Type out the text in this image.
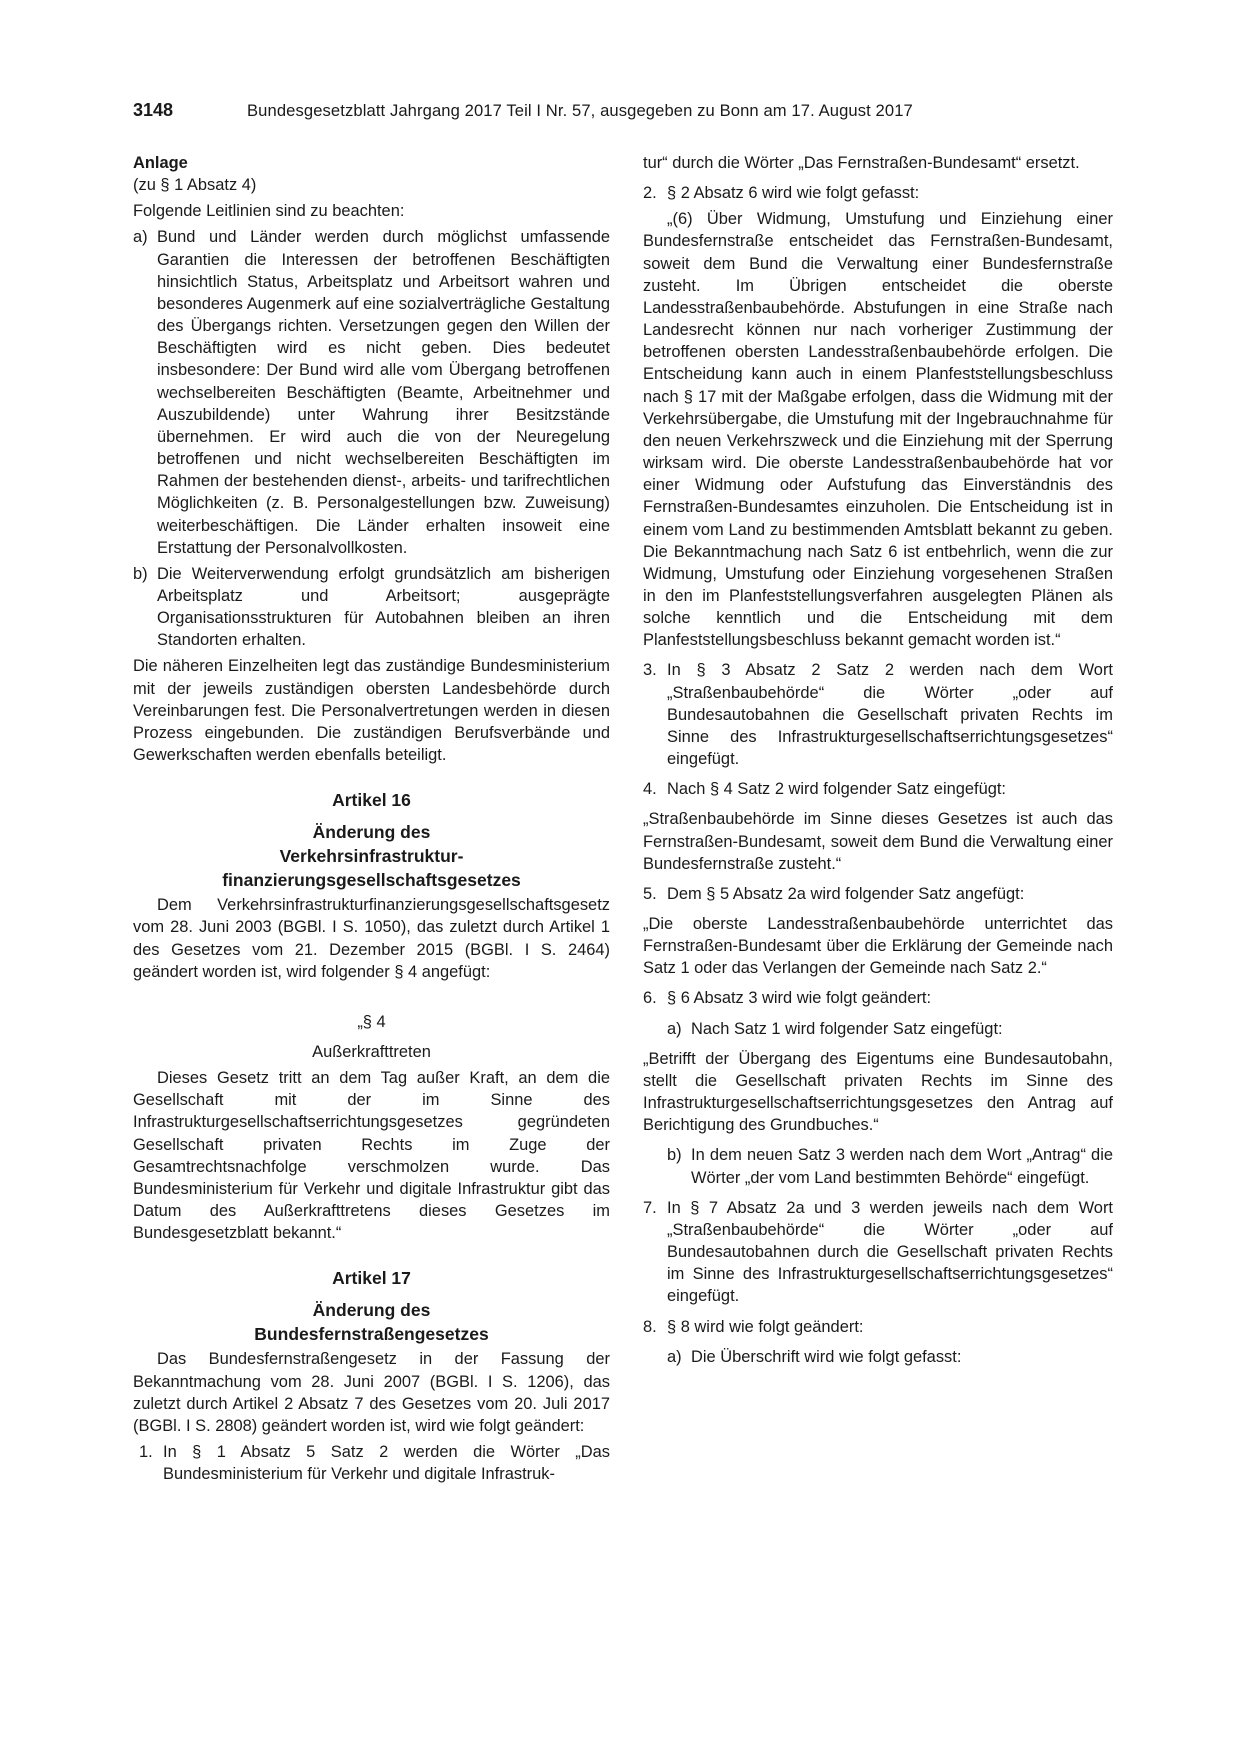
3148	Bundesgesetzblatt Jahrgang 2017 Teil I Nr. 57, ausgegeben zu Bonn am 17. August 2017

Anlage

(zu § 1 Absatz 4)

Folgende Leitlinien sind zu beachten:

a) Bund und Länder werden durch möglichst umfassende Garantien die Interessen der betroffenen Beschäftigten hinsichtlich Status, Arbeitsplatz und Arbeitsort wahren und besonderes Augenmerk auf eine sozialverträgliche Gestaltung des Übergangs richten. Versetzungen gegen den Willen der Beschäftigten wird es nicht geben. Dies bedeutet insbesondere: Der Bund wird alle vom Übergang betroffenen wechselbereiten Beschäftigten (Beamte, Arbeitnehmer und Auszubildende) unter Wahrung ihrer Besitzstände übernehmen. Er wird auch die von der Neuregelung betroffenen und nicht wechselbereiten Beschäftigten im Rahmen der bestehenden dienst-, arbeits- und tarifrechtlichen Möglichkeiten (z. B. Personalgestellungen bzw. Zuweisung) weiterbeschäftigen. Die Länder erhalten insoweit eine Erstattung der Personalvollkosten.
b) Die Weiterverwendung erfolgt grundsätzlich am bisherigen Arbeitsplatz und Arbeitsort; ausgeprägte Organisationsstrukturen für Autobahnen bleiben an ihren Standorten erhalten.

Die näheren Einzelheiten legt das zuständige Bundesministerium mit der jeweils zuständigen obersten Landesbehörde durch Vereinbarungen fest. Die Personalvertretungen werden in diesen Prozess eingebunden. Die zuständigen Berufsverbände und Gewerkschaften werden ebenfalls beteiligt.

Artikel 16

Änderung des

Verkehrsinfrastruktur-

finanzierungsgesellschaftsgesetzes

Dem Verkehrsinfrastrukturfinanzierungsgesellschaftsgesetz vom 28. Juni 2003 (BGBl. I S. 1050), das zuletzt durch Artikel 1 des Gesetzes vom 21. Dezember 2015 (BGBl. I S. 2464) geändert worden ist, wird folgender § 4 angefügt:

„§ 4

Außerkrafttreten

Dieses Gesetz tritt an dem Tag außer Kraft, an dem die Gesellschaft mit der im Sinne des Infrastrukturgesellschaftserrichtungsgesetzes gegründeten Gesellschaft privaten Rechts im Zuge der Gesamtrechtsnachfolge verschmolzen wurde. Das Bundesministerium für Verkehr und digitale Infrastruktur gibt das Datum des Außerkrafttretens dieses Gesetzes im Bundesgesetzblatt bekannt.“

Artikel 17

Änderung des

Bundesfernstraßengesetzes

Das Bundesfernstraßengesetz in der Fassung der Bekanntmachung vom 28. Juni 2007 (BGBl. I S. 1206), das zuletzt durch Artikel 2 Absatz 7 des Gesetzes vom 20. Juli 2017 (BGBl. I S. 2808) geändert worden ist, wird wie folgt geändert:

1. In § 1 Absatz 5 Satz 2 werden die Wörter „Das Bundesministerium für Verkehr und digitale Infrastruk-

tur“ durch die Wörter „Das Fernstraßen-Bundesamt“ ersetzt.

2. § 2 Absatz 6 wird wie folgt gefasst:

„(6) Über Widmung, Umstufung und Einziehung einer Bundesfernstraße entscheidet das Fernstraßen-Bundesamt, soweit dem Bund die Verwaltung einer Bundesfernstraße zusteht. Im Übrigen entscheidet die oberste Landesstraßenbaubehörde. Abstufungen in eine Straße nach Landesrecht können nur nach vorheriger Zustimmung der betroffenen obersten Landesstraßenbaubehörde erfolgen. Die Entscheidung kann auch in einem Planfeststellungsbeschluss nach § 17 mit der Maßgabe erfolgen, dass die Widmung mit der Verkehrsübergabe, die Umstufung mit der Ingebrauchnahme für den neuen Verkehrszweck und die Einziehung mit der Sperrung wirksam wird. Die oberste Landesstraßenbaubehörde hat vor einer Widmung oder Aufstufung das Einverständnis des Fernstraßen-Bundesamtes einzuholen. Die Entscheidung ist in einem vom Land zu bestimmenden Amtsblatt bekannt zu geben. Die Bekanntmachung nach Satz 6 ist entbehrlich, wenn die zur Widmung, Umstufung oder Einziehung vorgesehenen Straßen in den im Planfeststellungsverfahren ausgelegten Plänen als solche kenntlich und die Entscheidung mit dem Planfeststellungsbeschluss bekannt gemacht worden ist.“

3. In § 3 Absatz 2 Satz 2 werden nach dem Wort „Straßenbaubehörde“ die Wörter „oder auf Bundesautobahnen die Gesellschaft privaten Rechts im Sinne des Infrastrukturgesellschaftserrichtungsgesetzes“ eingefügt.
4. Nach § 4 Satz 2 wird folgender Satz eingefügt:

„Straßenbaubehörde im Sinne dieses Gesetzes ist auch das Fernstraßen-Bundesamt, soweit dem Bund die Verwaltung einer Bundesfernstraße zusteht.“

5. Dem § 5 Absatz 2a wird folgender Satz angefügt:

„Die oberste Landesstraßenbaubehörde unterrichtet das Fernstraßen-Bundesamt über die Erklärung der Gemeinde nach Satz 1 oder das Verlangen der Gemeinde nach Satz 2.“

6. § 6 Absatz 3 wird wie folgt geändert:
a) Nach Satz 1 wird folgender Satz eingefügt:

„Betrifft der Übergang des Eigentums eine Bundesautobahn, stellt die Gesellschaft privaten Rechts im Sinne des Infrastrukturgesellschaftserrichtungsgesetzes den Antrag auf Berichtigung des Grundbuches.“

b) In dem neuen Satz 3 werden nach dem Wort „Antrag“ die Wörter „der vom Land bestimmten Behörde“ eingefügt.
7. In § 7 Absatz 2a und 3 werden jeweils nach dem Wort „Straßenbaubehörde“ die Wörter „oder auf Bundesautobahnen durch die Gesellschaft privaten Rechts im Sinne des Infrastrukturgesellschaftserrichtungsgesetzes“ eingefügt.
8. § 8 wird wie folgt geändert:
a) Die Überschrift wird wie folgt gefasst:
